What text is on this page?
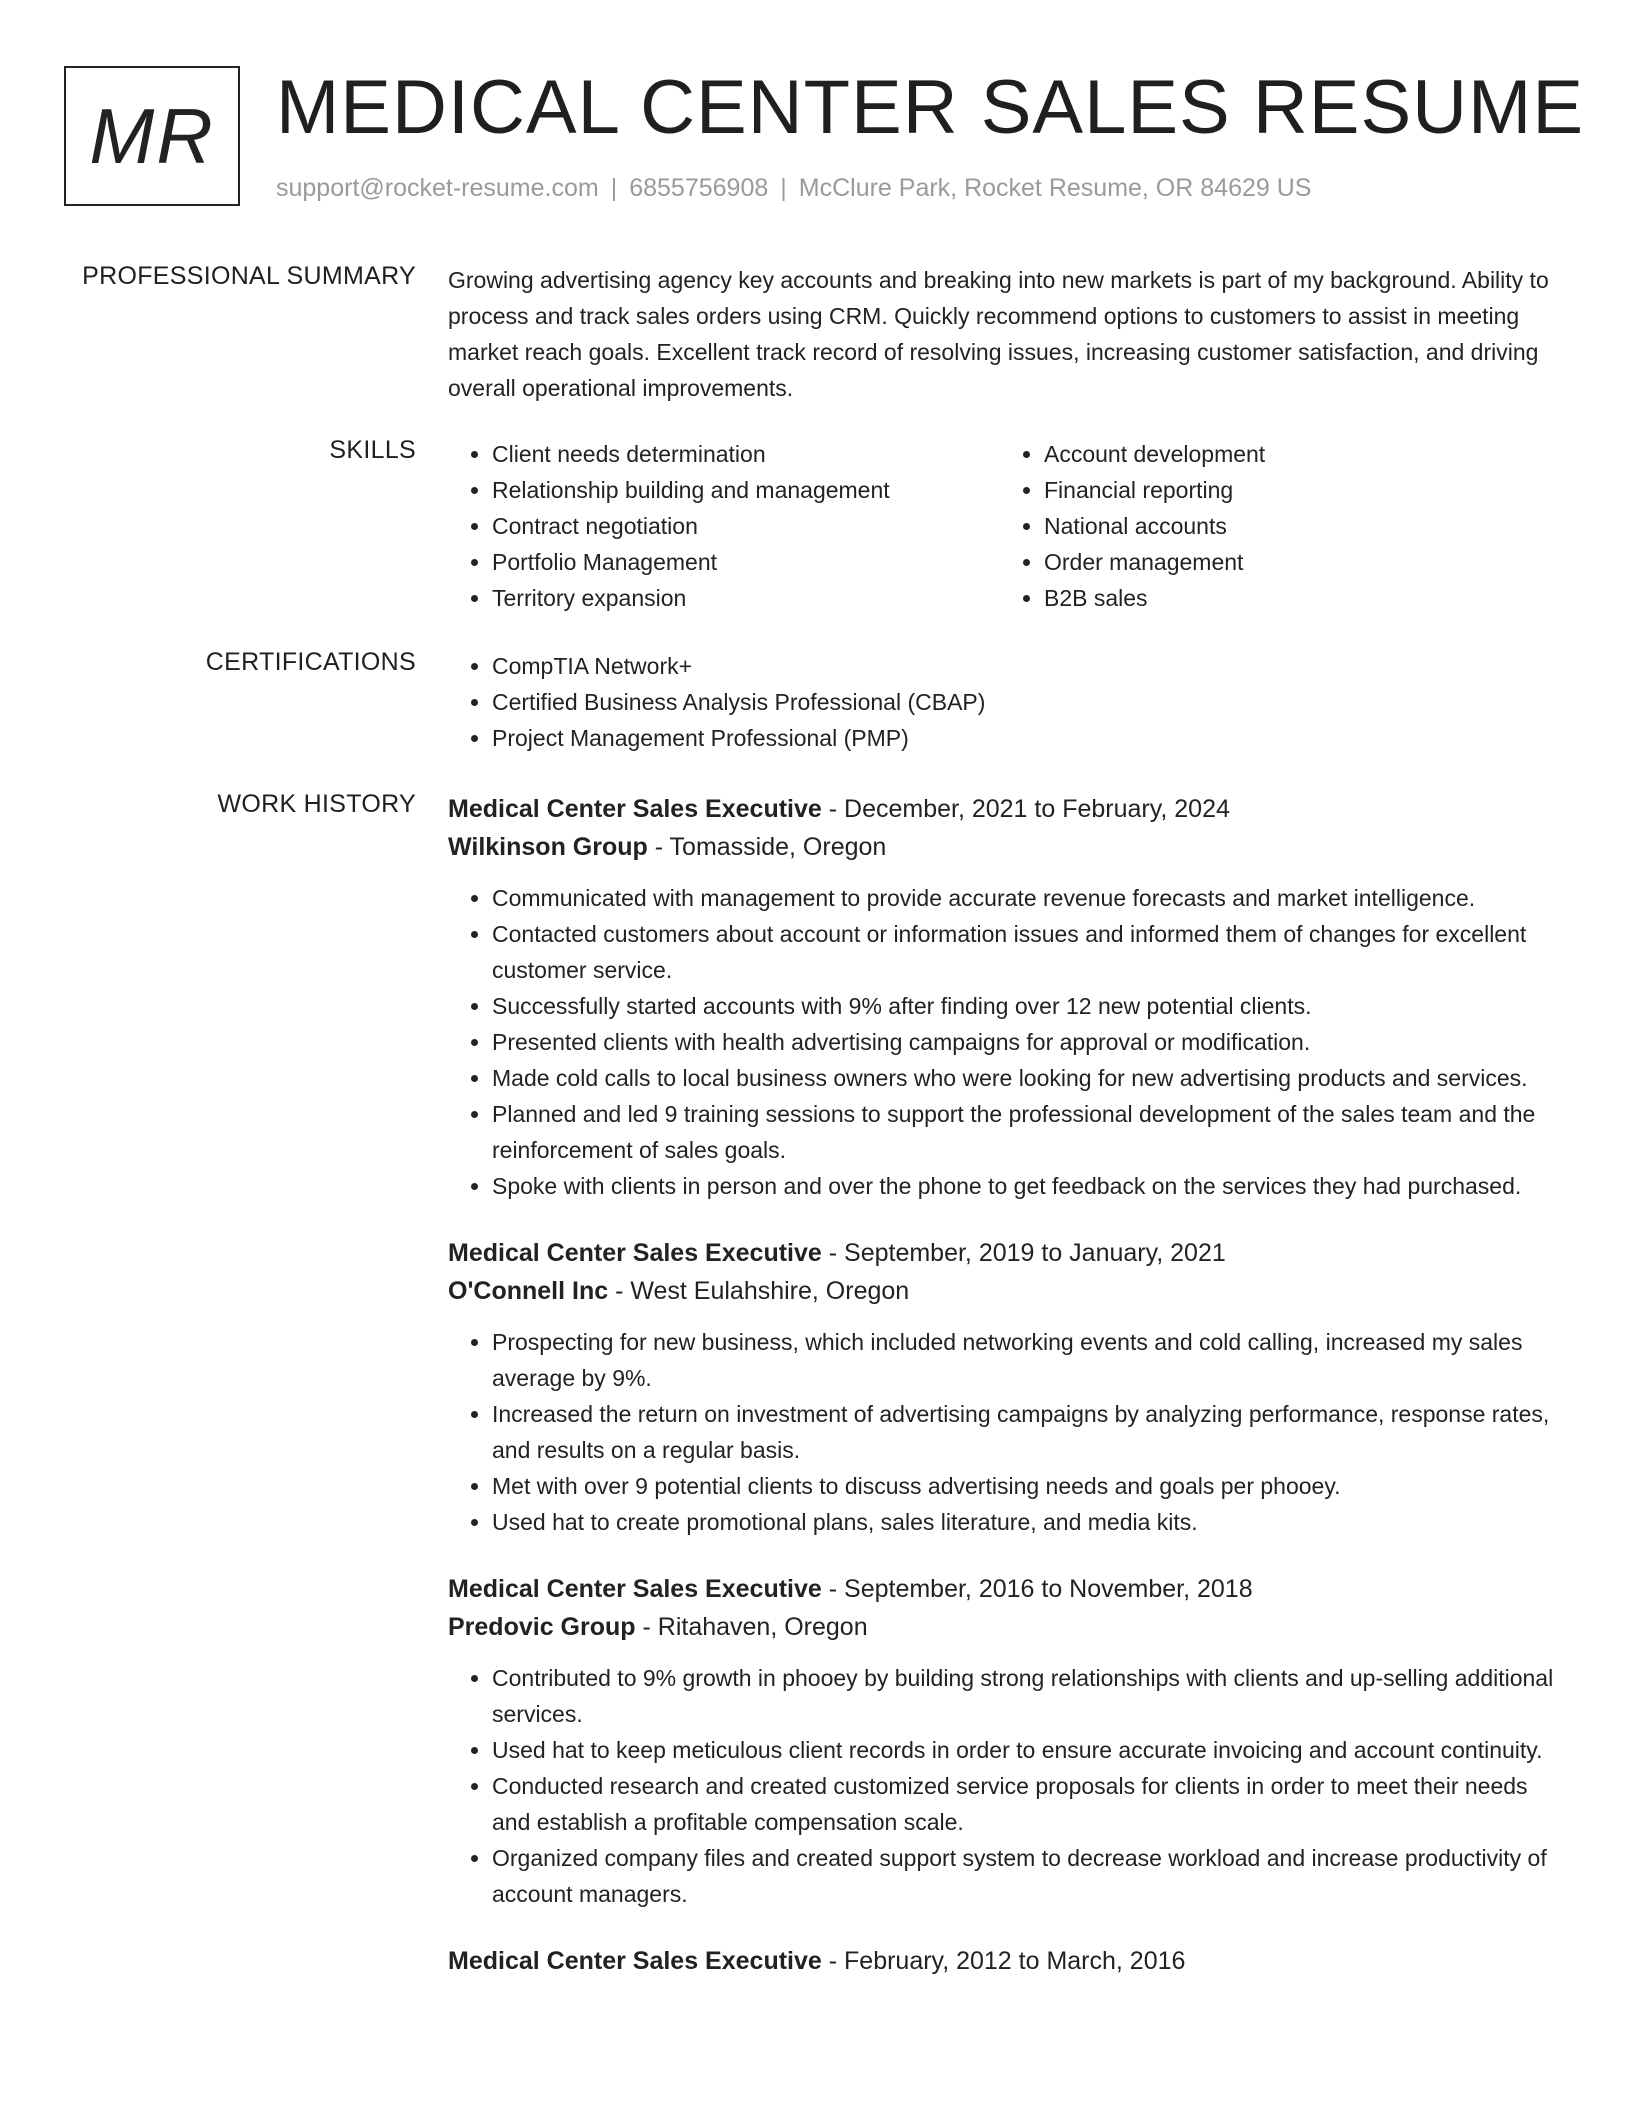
MR MEDICAL CENTER SALES RESUME
support@rocket-resume.com | 6855756908 | McClure Park, Rocket Resume, OR 84629 US
PROFESSIONAL SUMMARY Growing advertising agency key accounts and breaking into new markets is part of my background. Ability to process and track sales orders using CRM. Quickly recommend options to customers to assist in meeting market reach goals. Excellent track record of resolving issues, increasing customer satisfaction, and driving overall operational improvements.
SKILLS	• Client needs determination
• Relationship building and management
• Contract negotiation
• Portfolio Management
• Territory expansion
• Account development
• Financial reporting
• National accounts
• Order management
• B2B sales
CERTIFICATIONS	• CompTIA Network+
• Certified Business Analysis Professional (CBAP)
• Project Management Professional (PMP)
WORK HISTORY Medical Center Sales Executive - December, 2021 to February, 2024
Wilkinson Group - Tomasside, Oregon
• Communicated with management to provide accurate revenue forecasts and market intelligence.
• Contacted customers about account or information issues and informed them of changes for excellent customer service.
• Successfully started accounts with 9% after finding over 12 new potential clients.
• Presented clients with health advertising campaigns for approval or modification.
• Made cold calls to local business owners who were looking for new advertising products and services.
• Planned and led 9 training sessions to support the professional development of the sales team and the reinforcement of sales goals.
• Spoke with clients in person and over the phone to get feedback on the services they had purchased.
Medical Center Sales Executive - September, 2019 to January, 2021
O'Connell Inc - West Eulahshire, Oregon
• Prospecting for new business, which included networking events and cold calling, increased my sales average by 9%.
• Increased the return on investment of advertising campaigns by analyzing performance, response rates, and results on a regular basis.
• Met with over 9 potential clients to discuss advertising needs and goals per phooey.
• Used hat to create promotional plans, sales literature, and media kits.
Medical Center Sales Executive - September, 2016 to November, 2018
Predovic Group - Ritahaven, Oregon
• Contributed to 9% growth in phooey by building strong relationships with clients and up-selling additional services.
• Used hat to keep meticulous client records in order to ensure accurate invoicing and account continuity.
• Conducted research and created customized service proposals for clients in order to meet their needs and establish a profitable compensation scale.
• Organized company files and created support system to decrease workload and increase productivity of account managers.
Medical Center Sales Executive - February, 2012 to March, 2016
